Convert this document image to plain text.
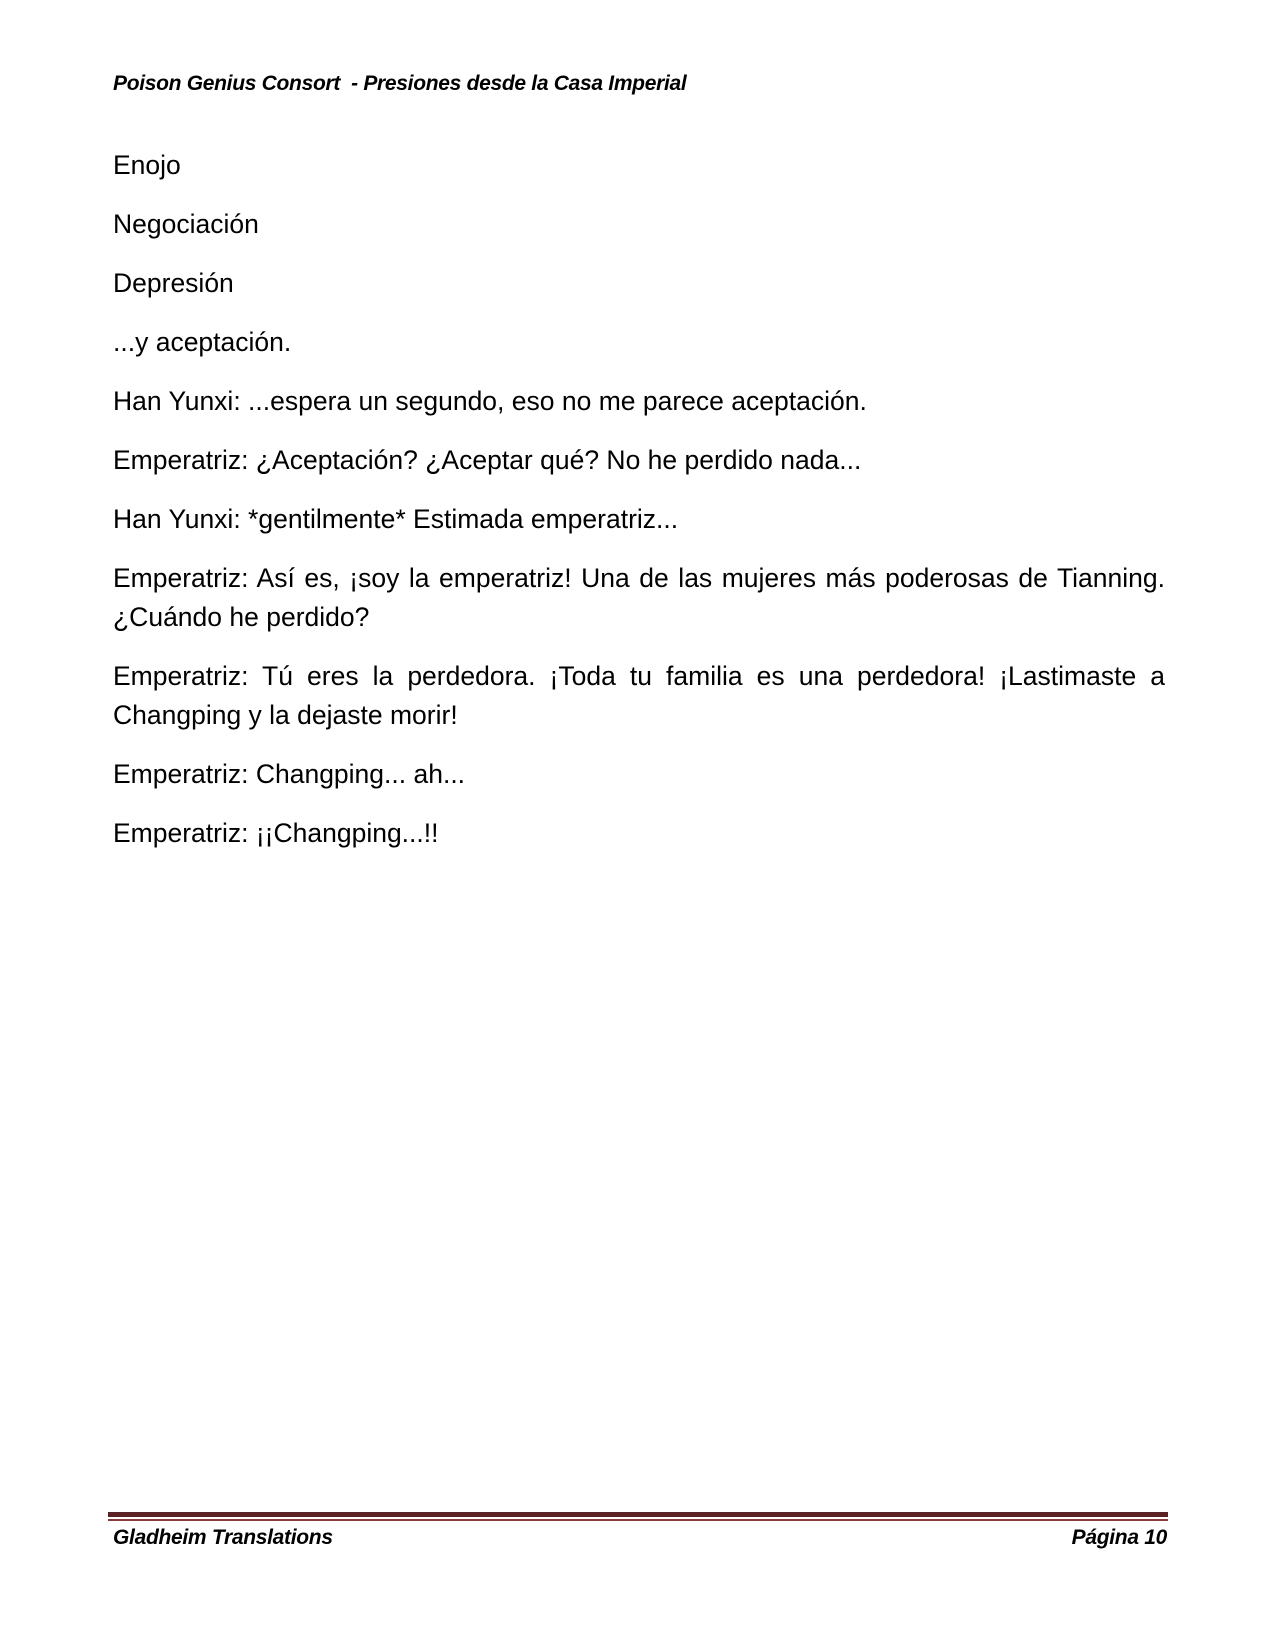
Poison Genius Consort  - Presiones desde la Casa Imperial

Enojo

Negociación

Depresión

...y aceptación.

Han Yunxi: ...espera un segundo, eso no me parece aceptación.

Emperatriz: ¿Aceptación? ¿Aceptar qué? No he perdido nada...

Han Yunxi: *gentilmente* Estimada emperatriz...

Emperatriz: Así es, ¡soy la emperatriz! Una de las mujeres más poderosas de Tianning. ¿Cuándo he perdido?

Emperatriz: Tú eres la perdedora. ¡Toda tu familia es una perdedora! ¡Lastimaste a Changping y la dejaste morir!

Emperatriz: Changping... ah...

Emperatriz: ¡¡Changping...!!

Gladheim Translations	Página 10
